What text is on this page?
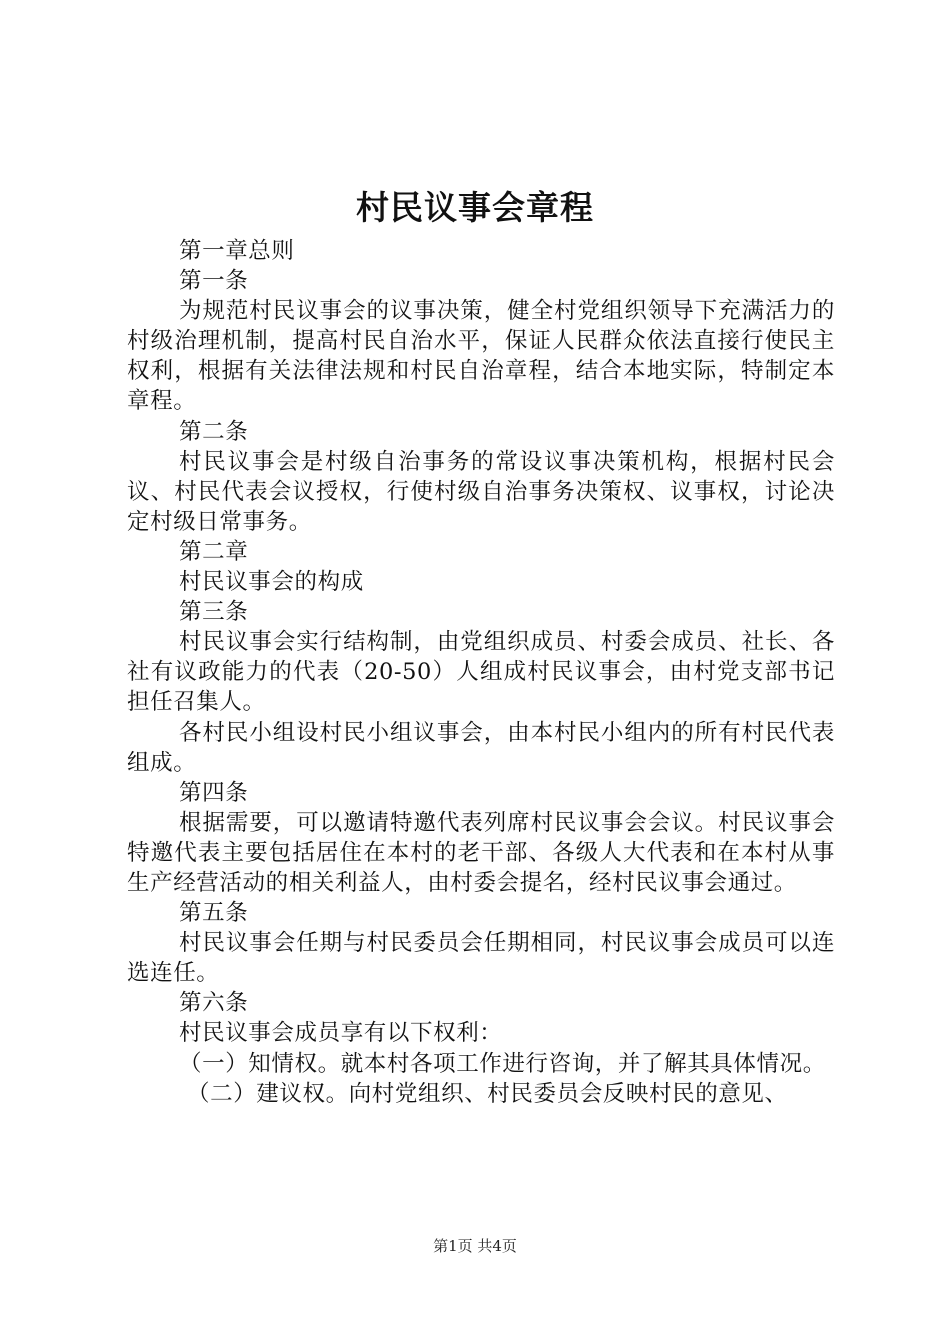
村民议事会章程

第一章总则

第一条

为规范村民议事会的议事决策，健全村党组织领导下充满活力的村级治理机制，提高村民自治水平，保证人民群众依法直接行使民主权利，根据有关法律法规和村民自治章程，结合本地实际，特制定本章程。

第二条

村民议事会是村级自治事务的常设议事决策机构，根据村民会议、村民代表会议授权，行使村级自治事务决策权、议事权，讨论决定村级日常事务。

第二章

村民议事会的构成

第三条

村民议事会实行结构制，由党组织成员、村委会成员、社长、各社有议政能力的代表（20-50）人组成村民议事会，由村党支部书记担任召集人。

各村民小组设村民小组议事会，由本村民小组内的所有村民代表组成。

第四条

根据需要，可以邀请特邀代表列席村民议事会会议。村民议事会特邀代表主要包括居住在本村的老干部、各级人大代表和在本村从事生产经营活动的相关利益人，由村委会提名，经村民议事会通过。

第五条

村民议事会任期与村民委员会任期相同，村民议事会成员可以连选连任。

第六条

村民议事会成员享有以下权利：

（一）知情权。就本村各项工作进行咨询，并了解其具体情况。

（二）建议权。向村党组织、村民委员会反映村民的意见、

第1页 共4页
